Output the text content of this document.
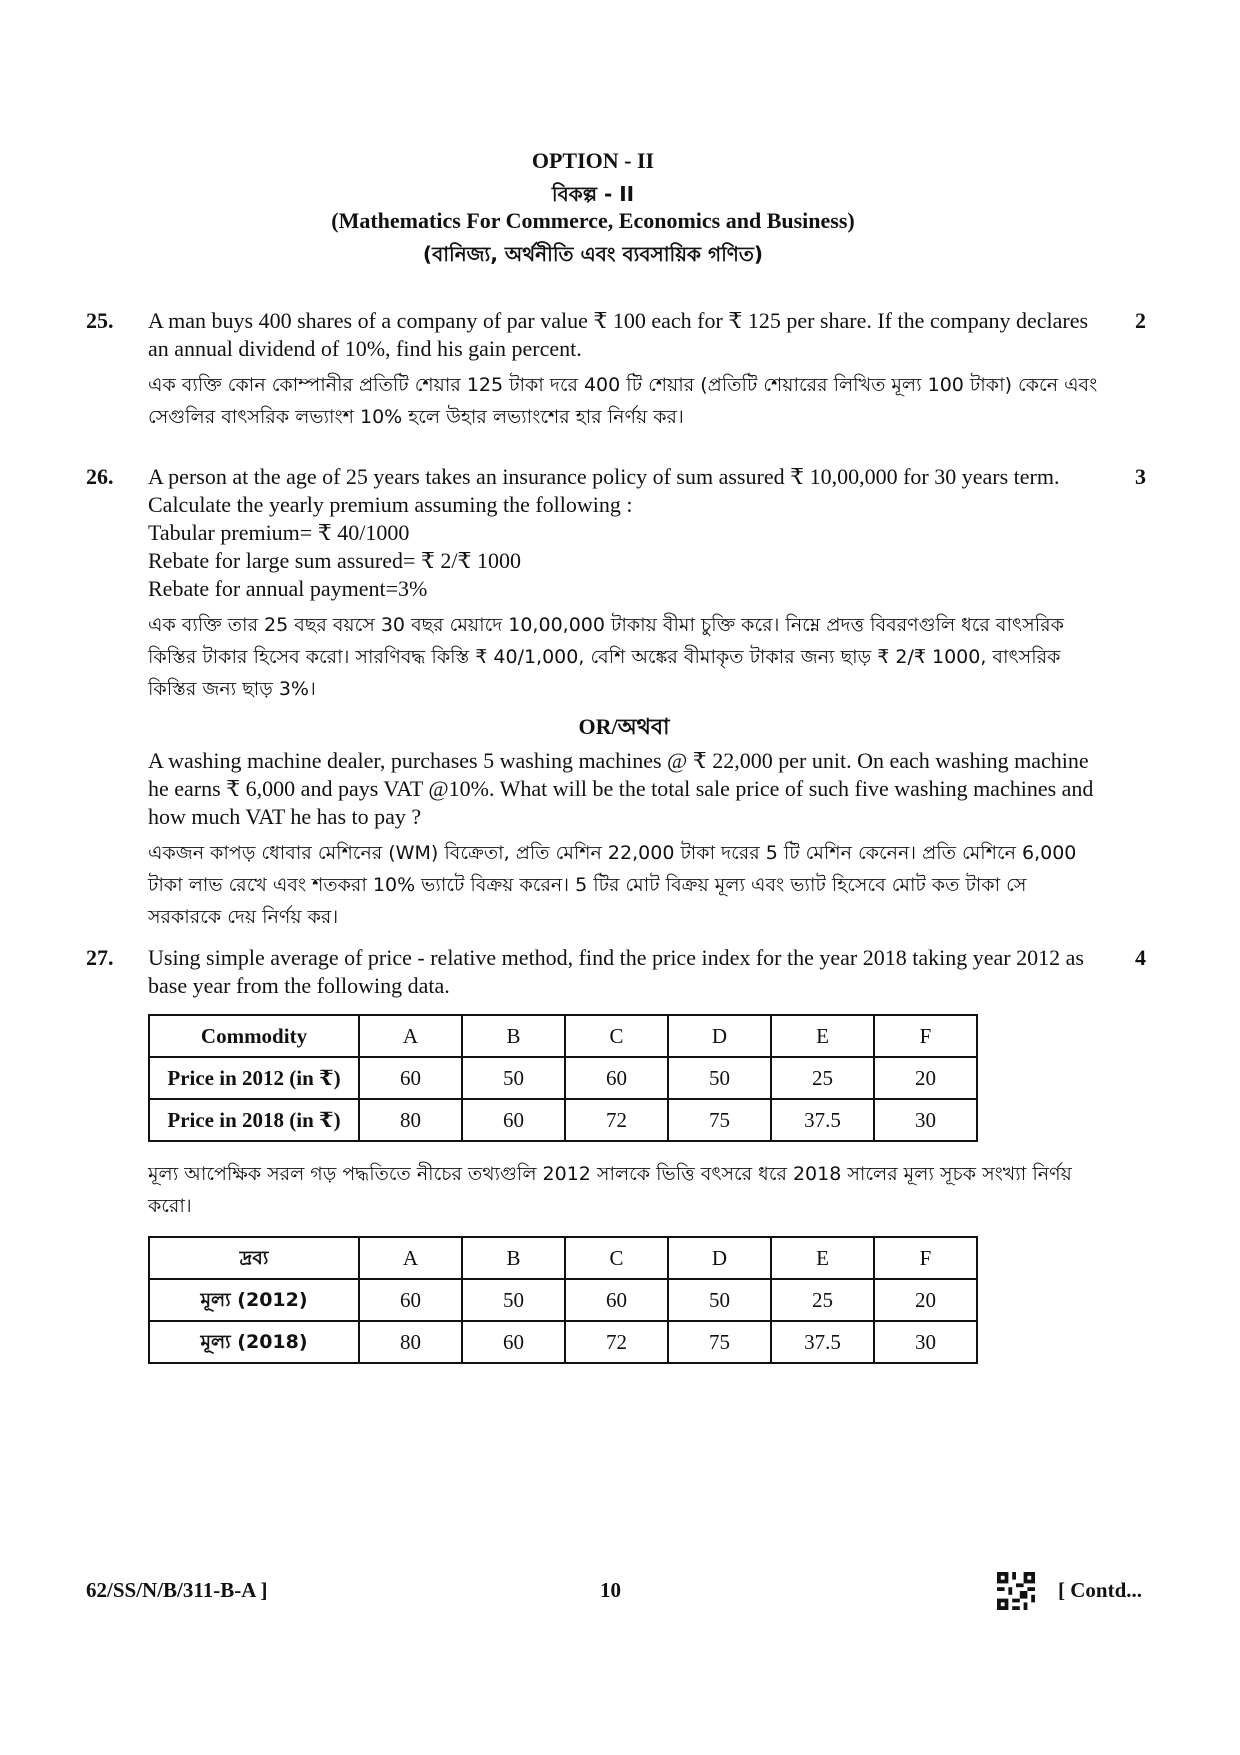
OPTION - II
বিকল্প - II
(Mathematics For Commerce, Economics and Business)
(বানিজ্য, অর্থনীতি এবং ব্যবসায়িক গণিত)
25.	2
A man buys 400 shares of a company of par value ₹ 100 each for ₹ 125 per share. If the company declares an annual dividend of 10%, find his gain percent.
এক ব্যক্তি কোন কোম্পানীর প্রতিটি শেয়ার 125 টাকা দরে 400 টি শেয়ার (প্রতিটি শেয়ারের লিখিত মূল্য 100 টাকা) কেনে এবং সেগুলির বাৎসরিক লভ্যাংশ 10% হলে উহার লভ্যাংশের হার নির্ণয় কর।
26.	3
A person at the age of 25 years takes an insurance policy of sum assured ₹ 10,00,000 for 30 years term. Calculate the yearly premium assuming the following :
Tabular premium= ₹ 40/1000
Rebate for large sum assured= ₹ 2/₹ 1000
Rebate for annual payment=3%
এক ব্যক্তি তার 25 বছর বয়সে 30 বছর মেয়াদে 10,00,000 টাকায় বীমা চুক্তি করে। নিম্নে প্রদত্ত বিবরণগুলি ধরে বাৎসরিক কিস্তির টাকার হিসেব করো। সারণিবদ্ধ কিস্তি ₹ 40/1,000, বেশি অঙ্কের বীমাকৃত টাকার জন্য ছাড় ₹ 2/₹ 1000, বাৎসরিক কিস্তির জন্য ছাড় 3%।
OR/অথবা
A washing machine dealer, purchases 5 washing machines @ ₹ 22,000 per unit. On each washing machine he earns ₹ 6,000 and pays VAT @10%. What will be the total sale price of such five washing machines and how much VAT he has to pay ?
একজন কাপড় ধোবার মেশিনের (WM) বিক্রেতা, প্রতি মেশিন 22,000 টাকা দরের 5 টি মেশিন কেনেন। প্রতি মেশিনে 6,000 টাকা লাভ রেখে এবং শতকরা 10% ভ্যাটে বিক্রয় করেন। 5 টির মোট বিক্রয় মূল্য এবং ভ্যাট হিসেবে মোট কত টাকা সে সরকারকে দেয় নির্ণয় কর।
27.	4
Using simple average of price - relative method, find the price index for the year 2018 taking year 2012 as base year from the following data.
Commodity	A	B	C	D	E	F
Price in 2012 (in ₹)	60	50	60	50	25	20
Price in 2018 (in ₹)	80	60	72	75	37.5	30
মূল্য আপেক্ষিক সরল গড় পদ্ধতিতে নীচের তথ্যগুলি 2012 সালকে ভিত্তি বৎসরে ধরে 2018 সালের মূল্য সূচক সংখ্যা নির্ণয় করো।
দ্রব্য	A	B	C	D	E	F
মূল্য (2012)	60	50	60	50	25	20
মূল্য (2018)	80	60	72	75	37.5	30
62/SS/N/B/311-B-A ]	10	[ Contd...
